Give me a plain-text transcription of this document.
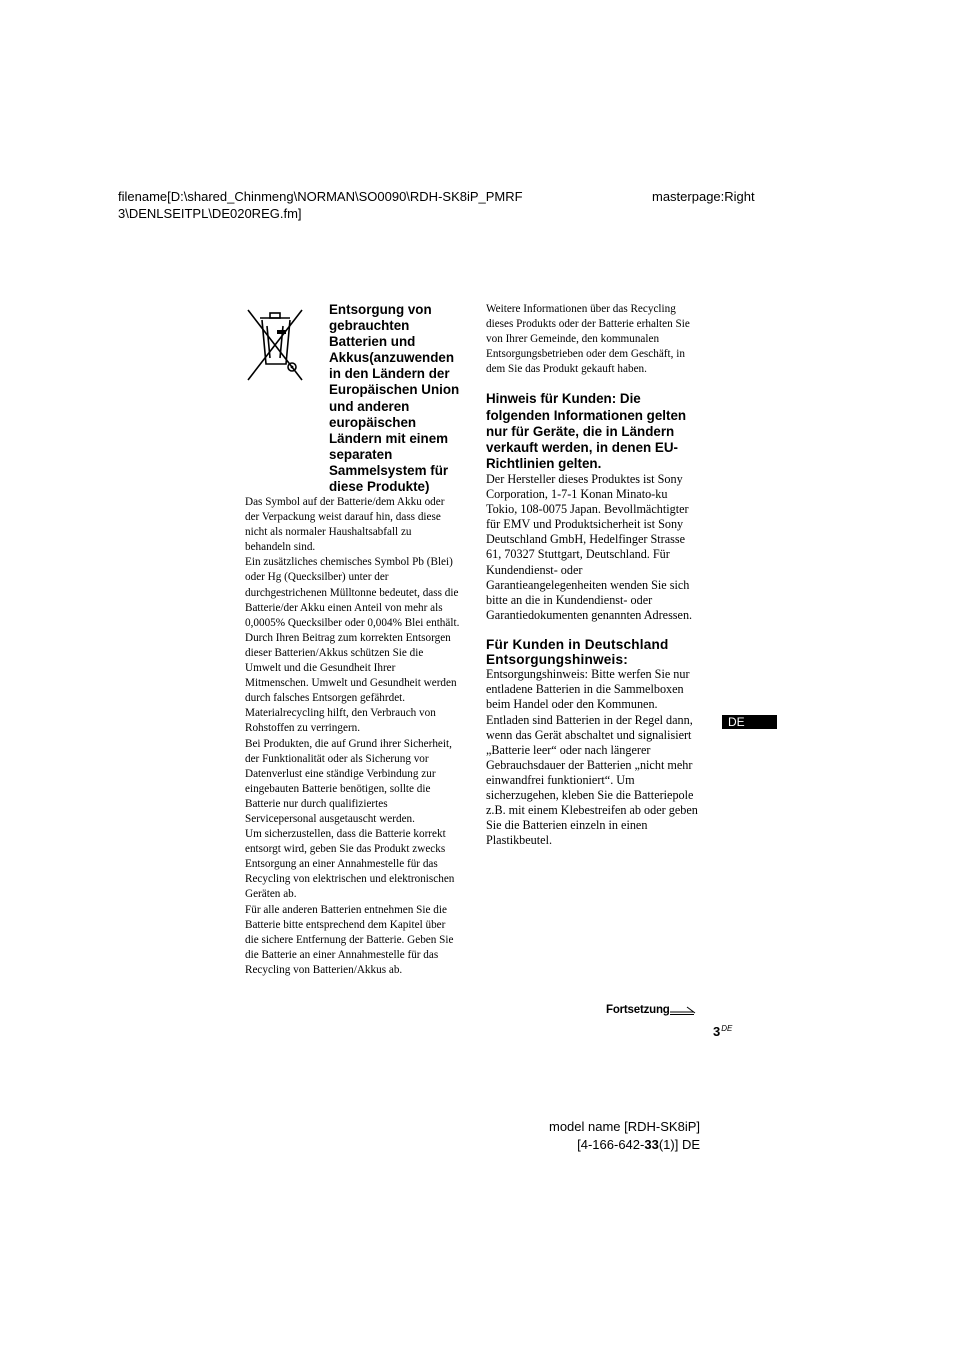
filename[D:\shared_Chinmeng\NORMAN\SO0090\RDH-SK8iP_PMRF
3\DENLSEITPL\DE020REG.fm]
masterpage:Right
Entsorgung von gebrauchten Batterien und Akkus(anzuwenden in den Ländern der Europäischen Union und anderen europäischen Ländern mit einem separaten Sammelsystem für diese Produkte)

Das Symbol auf der Batterie/dem Akku oder der Verpackung weist darauf hin, dass diese nicht als normaler Haushaltsabfall zu behandeln sind.

Ein zusätzliches chemisches Symbol Pb (Blei) oder Hg (Quecksilber) unter der durchgestrichenen Mülltonne bedeutet, dass die Batterie/der Akku einen Anteil von mehr als 0,0005% Quecksilber oder 0,004% Blei enthält.

Durch Ihren Beitrag zum korrekten Entsorgen dieser Batterien/Akkus schützen Sie die Umwelt und die Gesundheit Ihrer Mitmenschen. Umwelt und Gesundheit werden durch falsches Entsorgen gefährdet. Materialrecycling hilft, den Verbrauch von Rohstoffen zu verringern.

Bei Produkten, die auf Grund ihrer Sicherheit, der Funktionalität oder als Sicherung vor Datenverlust eine ständige Verbindung zur eingebauten Batterie benötigen, sollte die Batterie nur durch qualifiziertes Servicepersonal ausgetauscht werden.

Um sicherzustellen, dass die Batterie korrekt entsorgt wird, geben Sie das Produkt zwecks Entsorgung an einer Annahmestelle für das Recycling von elektrischen und elektronischen Geräten ab.

Für alle anderen Batterien entnehmen Sie die Batterie bitte entsprechend dem Kapitel über die sichere Entfernung der Batterie. Geben Sie die Batterie an einer Annahmestelle für das Recycling von Batterien/Akkus ab.

Weitere Informationen über das Recycling dieses Produkts oder der Batterie erhalten Sie von Ihrer Gemeinde, den kommunalen Entsorgungsbetrieben oder dem Geschäft, in dem Sie das Produkt gekauft haben.

Hinweis für Kunden: Die folgenden Informationen gelten nur für Geräte, die in Ländern verkauft werden, in denen EU-Richtlinien gelten.

Der Hersteller dieses Produktes ist Sony Corporation, 1-7-1 Konan Minato-ku Tokio, 108-0075 Japan. Bevollmächtigter für EMV und Produktsicherheit ist Sony Deutschland GmbH, Hedelfinger Strasse 61, 70327 Stuttgart, Deutschland. Für Kundendienst- oder Garantieangelegenheiten wenden Sie sich bitte an die in Kundendienst- oder Garantiedokumenten genannten Adressen.

Für Kunden in Deutschland
Entsorgungshinweis:

Entsorgungshinweis: Bitte werfen Sie nur entladene Batterien in die Sammelboxen beim Handel oder den Kommunen. Entladen sind Batterien in der Regel dann, wenn das Gerät abschaltet und signalisiert „Batterie leer“ oder nach längerer Gebrauchsdauer der Batterien „nicht mehr einwandfrei funktioniert“. Um sicherzugehen, kleben Sie die Batteriepole z.B. mit einem Klebestreifen ab oder geben Sie die Batterien einzeln in einen Plastikbeutel.

DE
Fortsetzung
3DE
model name [RDH-SK8iP]
[4-166-642-33(1)] DE
